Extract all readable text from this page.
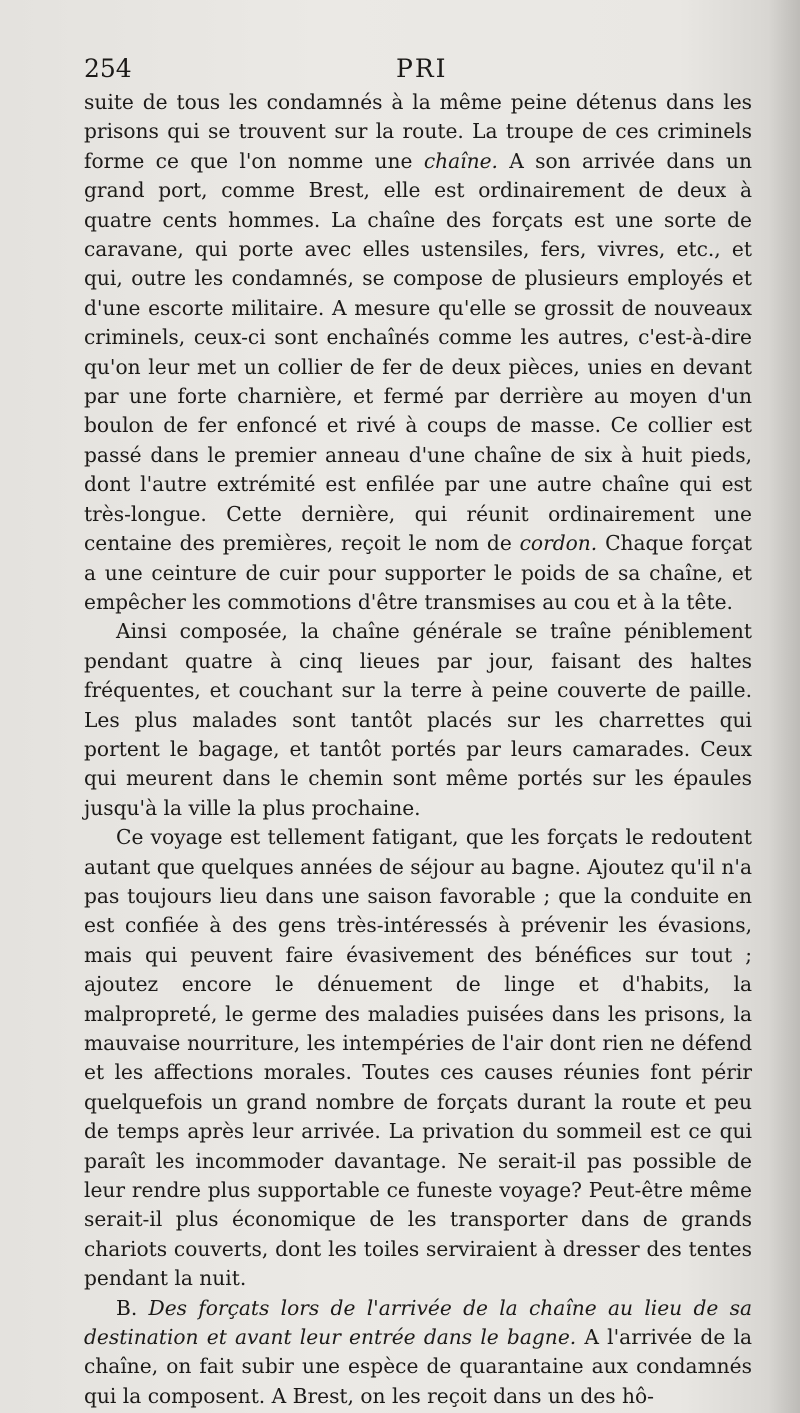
254	PRI

suite de tous les condamnés à la même peine détenus dans les prisons qui se trouvent sur la route. La troupe de ces criminels forme ce que l'on nomme une chaîne. A son arrivée dans un grand port, comme Brest, elle est ordinairement de deux à quatre cents hommes. La chaîne des forçats est une sorte de caravane, qui porte avec elles ustensiles, fers, vivres, etc., et qui, outre les condamnés, se compose de plusieurs employés et d'une escorte militaire. A mesure qu'elle se grossit de nouveaux criminels, ceux-ci sont enchaînés comme les autres, c'est-à-dire qu'on leur met un collier de fer de deux pièces, unies en devant par une forte charnière, et fermé par derrière au moyen d'un boulon de fer enfoncé et rivé à coups de masse. Ce collier est passé dans le premier anneau d'une chaîne de six à huit pieds, dont l'autre extrémité est enfilée par une autre chaîne qui est très-longue. Cette dernière, qui réunit ordinairement une centaine des premières, reçoit le nom de cordon. Chaque forçat a une ceinture de cuir pour supporter le poids de sa chaîne, et empêcher les commotions d'être transmises au cou et à la tête.

Ainsi composée, la chaîne générale se traîne péniblement pendant quatre à cinq lieues par jour, faisant des haltes fréquentes, et couchant sur la terre à peine couverte de paille. Les plus malades sont tantôt placés sur les charrettes qui portent le bagage, et tantôt portés par leurs camarades. Ceux qui meurent dans le chemin sont même portés sur les épaules jusqu'à la ville la plus prochaine.

Ce voyage est tellement fatigant, que les forçats le redoutent autant que quelques années de séjour au bagne. Ajoutez qu'il n'a pas toujours lieu dans une saison favorable ; que la conduite en est confiée à des gens très-intéressés à prévenir les évasions, mais qui peuvent faire évasivement des bénéfices sur tout ; ajoutez encore le dénuement de linge et d'habits, la malpropreté, le germe des maladies puisées dans les prisons, la mauvaise nourriture, les intempéries de l'air dont rien ne défend et les affections morales. Toutes ces causes réunies font périr quelquefois un grand nombre de forçats durant la route et peu de temps après leur arrivée. La privation du sommeil est ce qui paraît les incommoder davantage. Ne serait-il pas possible de leur rendre plus supportable ce funeste voyage? Peut-être même serait-il plus économique de les transporter dans de grands chariots couverts, dont les toiles serviraient à dresser des tentes pendant la nuit.

B. Des forçats lors de l'arrivée de la chaîne au lieu de sa destination et avant leur entrée dans le bagne. A l'arrivée de la chaîne, on fait subir une espèce de quarantaine aux condamnés qui la composent. A Brest, on les reçoit dans un des hô-
